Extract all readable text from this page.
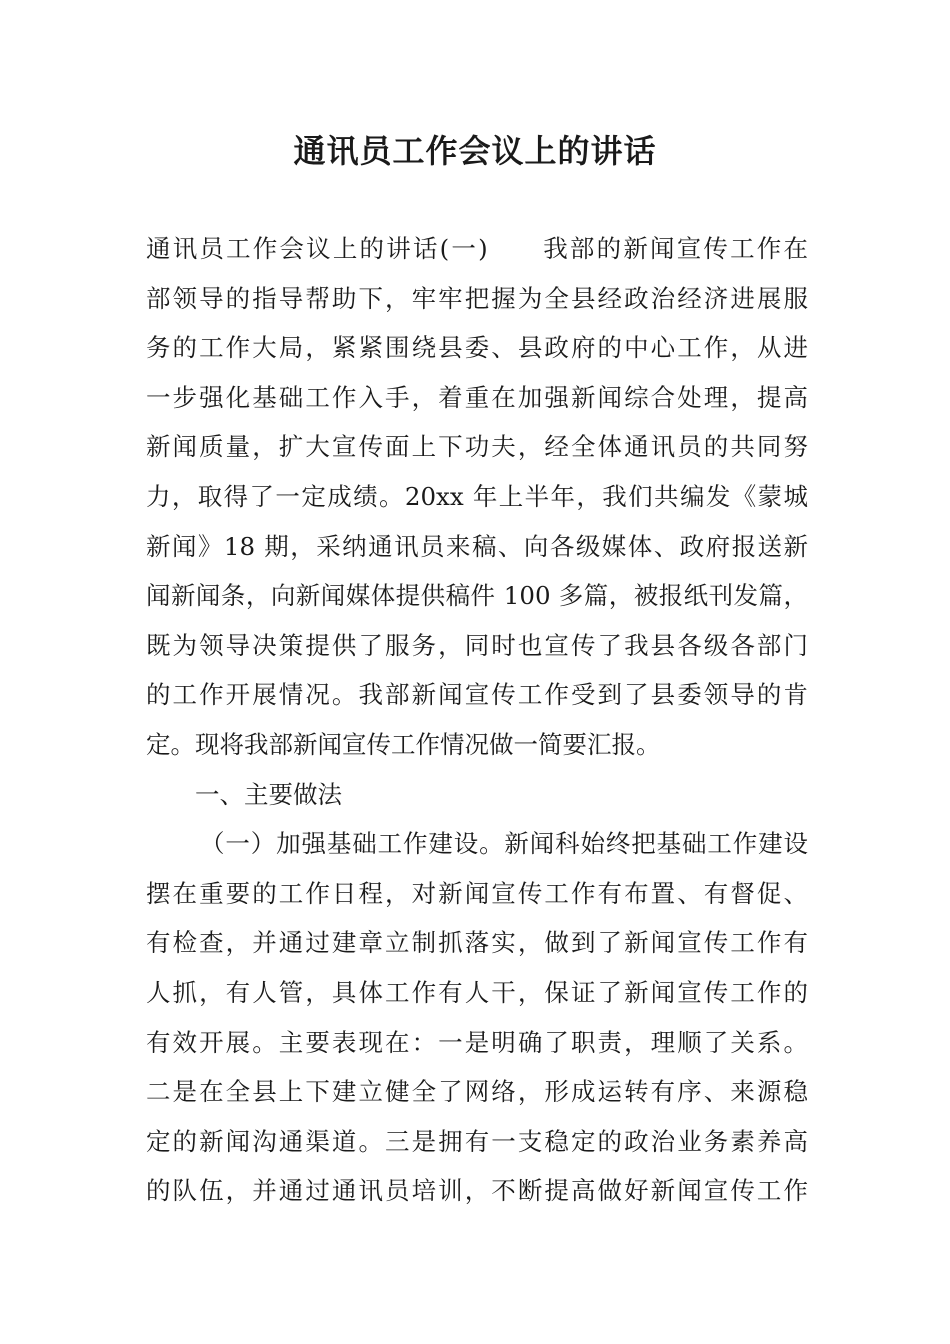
通讯员工作会议上的讲话

通讯员工作会议上的讲话(一)　　我部的新闻宣传工作在

部领导的指导帮助下，牢牢把握为全县经政治经济进展服

务的工作大局，紧紧围绕县委、县政府的中心工作，从进

一步强化基础工作入手，着重在加强新闻综合处理，提高

新闻质量，扩大宣传面上下功夫，经全体通讯员的共同努

力，取得了一定成绩。20xx 年上半年，我们共编发《蒙城

新闻》18 期，采纳通讯员来稿、向各级媒体、政府报送新

闻新闻条，向新闻媒体提供稿件 100 多篇，被报纸刊发篇，

既为领导决策提供了服务，同时也宣传了我县各级各部门

的工作开展情况。我部新闻宣传工作受到了县委领导的肯

定。现将我部新闻宣传工作情况做一简要汇报。

一、主要做法

（一）加强基础工作建设。新闻科始终把基础工作建设

摆在重要的工作日程，对新闻宣传工作有布置、有督促、

有检查，并通过建章立制抓落实，做到了新闻宣传工作有

人抓，有人管，具体工作有人干，保证了新闻宣传工作的

有效开展。主要表现在：一是明确了职责，理顺了关系。

二是在全县上下建立健全了网络，形成运转有序、来源稳

定的新闻沟通渠道。三是拥有一支稳定的政治业务素养高

的队伍，并通过通讯员培训，不断提高做好新闻宣传工作
